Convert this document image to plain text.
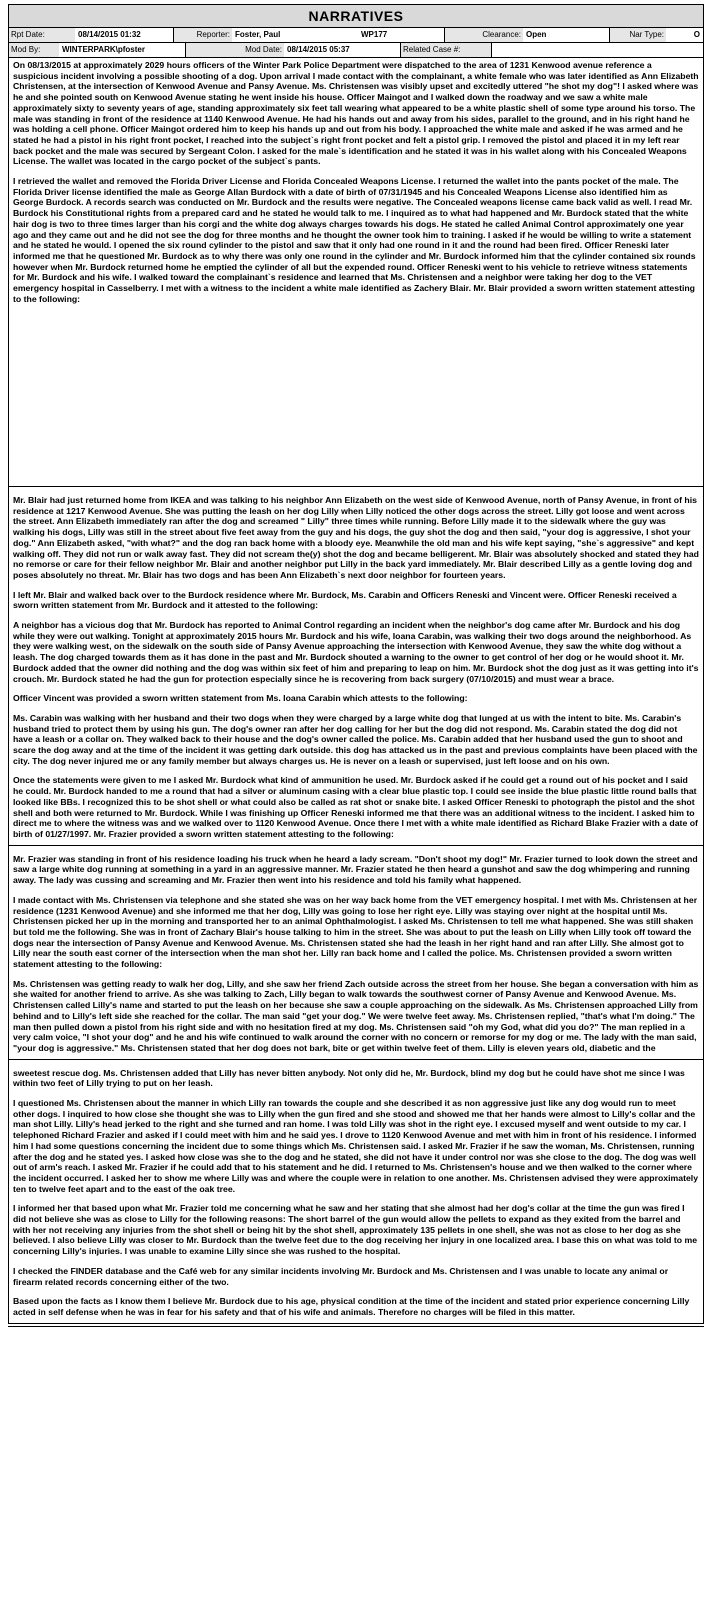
NARRATIVES
Rpt Date:	08/14/2015 01:32	Reporter: Foster, Paul	WP177	Clearance: Open	Nar Type:	O
Mod By:	WINTERPARK\pfoster	Mod Date: 08/14/2015 05:37	Related Case #:

On 08/13/2015 at approximately 2029 hours officers of the Winter Park Police Department were dispatched to the area of 1231 Kenwood avenue reference a suspicious incident involving a possible shooting of a dog. Upon arrival I made contact with the complainant, a white female who was later identified as Ann Elizabeth Christensen, at the intersection of Kenwood Avenue and Pansy Avenue. Ms. Christensen was visibly upset and excitedly uttered "he shot my dog"! I asked where was he and she pointed south on Kenwood Avenue stating he went inside his house. Officer Maingot and I walked down the roadway and we saw a white male approximately sixty to seventy years of age, standing approximately six feet tall wearing what appeared to be a white plastic shell of some type around his torso. The male was standing in front of the residence at 1140 Kenwood Avenue. He had his hands out and away from his sides, parallel to the ground, and in his right hand he was holding a cell phone. Officer Maingot ordered him to keep his hands up and out from his body. I approached the white male and asked if he was armed and he stated he had a pistol in his right front pocket, I reached into the subject`s right front pocket and felt a pistol grip. I removed the pistol and placed it in my left rear back pocket and the male was secured by Sergeant Colon. I asked for the male`s identification and he stated it was in his wallet along with his Concealed Weapons License. The wallet was located in the cargo pocket of the subject`s pants.

I retrieved the wallet and removed the Florida Driver License and Florida Concealed Weapons License. I returned the wallet into the pants pocket of the male. The Florida Driver license identified the male as George Allan Burdock with a date of birth of 07/31/1945 and his Concealed Weapons License also identified him as George Burdock. A records search was conducted on Mr. Burdock and the results were negative. The Concealed weapons license came back valid as well. I read Mr. Burdock his Constitutional rights from a prepared card and he stated he would talk to me. I inquired as to what had happened and Mr. Burdock stated that the white hair dog is two to three times larger than his corgi and the white dog always charges towards his dogs. He stated he called Animal Control approximately one year ago and they came out and he did not see the dog for three months and he thought the owner took him to training. I asked if he would be willing to write a statement and he stated he would. I opened the six round cylinder to the pistol and saw that it only had one round in it and the round had been fired. Officer Reneski later informed me that he questioned Mr. Burdock as to why there was only one round in the cylinder and Mr. Burdock informed him that the cylinder contained six rounds however when Mr. Burdock returned home he emptied the cylinder of all but the expended round. Officer Reneski went to his vehicle to retrieve witness statements for Mr. Burdock and his wife. I walked toward the complainant`s residence and learned that Ms. Christensen and a neighbor were taking her dog to the VET emergency hospital in Casselberry. I met with a witness to the incident a white male identified as Zachery Blair. Mr. Blair provided a sworn written statement attesting to the following:

Mr. Blair had just returned home from IKEA and was talking to his neighbor Ann Elizabeth on the west side of Kenwood Avenue, north of Pansy Avenue, in front of his residence at 1217 Kenwood Avenue. She was putting the leash on her dog Lilly when Lilly noticed the other dogs across the street. Lilly got loose and went across the street. Ann Elizabeth immediately ran after the dog and screamed " Lilly" three times while running. Before Lilly made it to the sidewalk where the guy was walking his dogs, Lilly was still in the street about five feet away from the guy and his dogs, the guy shot the dog and then said, "your dog is aggressive, I shot your dog." Ann Elizabeth asked, "with what?" and the dog ran back home with a bloody eye. Meanwhile the old man and his wife kept saying, "she`s aggressive" and kept walking off. They did not run or walk away fast. They did not scream the(y) shot the dog and became belligerent. Mr. Blair was absolutely shocked and stated they had no remorse or care for their fellow neighbor Mr. Blair and another neighbor put Lilly in the back yard immediately. Mr. Blair described Lilly as a gentle loving dog and poses absolutely no threat. Mr. Blair has two dogs and has been Ann Elizabeth`s next door neighbor for fourteen years.

I left Mr. Blair and walked back over to the Burdock residence where Mr. Burdock, Ms. Carabin and Officers Reneski and Vincent were. Officer Reneski received a sworn written statement from Mr. Burdock and it attested to the following:

A neighbor has a vicious dog that Mr. Burdock has reported to Animal Control regarding an incident when the neighbor's dog came after Mr. Burdock and his dog while they were out walking. Tonight at approximately 2015 hours Mr. Burdock and his wife, Ioana Carabin, was walking their two dogs around the neighborhood. As they were walking west, on the sidewalk on the south side of Pansy Avenue approaching the intersection with Kenwood Avenue, they saw the white dog without a leash. The dog charged towards them as it has done in the past and Mr. Burdock shouted a warning to the owner to get control of her dog or he would shoot it. Mr. Burdock added that the owner did nothing and the dog was within six feet of him and preparing to leap on him. Mr. Burdock shot the dog just as it was getting into it's crouch. Mr. Burdock stated he had the gun for protection especially since he is recovering from back surgery (07/10/2015) and must wear a brace.

Officer Vincent was provided a sworn written statement from Ms. Ioana Carabin which attests to the following:

Ms. Carabin was walking with her husband and their two dogs when they were charged by a large white dog that lunged at us with the intent to bite. Ms. Carabin's husband tried to protect them by using his gun. The dog's owner ran after her dog calling for her but the dog did not respond. Ms. Carabin stated the dog did not have a leash or a collar on. They walked back to their house and the dog's owner called the police. Ms. Carabin added that her husband used the gun to shoot and scare the dog away and at the time of the incident it was getting dark outside. this dog has attacked us in the past and previous complaints have been placed with the city. The dog never injured me or any family member but always charges us. He is never on a leash or supervised, just left loose and on his own.

Once the statements were given to me I asked Mr. Burdock what kind of ammunition he used. Mr. Burdock asked if he could get a round out of his pocket and I said he could. Mr. Burdock handed to me a round that had a silver or aluminum casing with a clear blue plastic top. I could see inside the blue plastic little round balls that looked like BBs. I recognized this to be shot shell or what could also be called as rat shot or snake bite. I asked Officer Reneski to photograph the pistol and the shot shell and both were returned to Mr. Burdock. While I was finishing up Officer Reneski informed me that there was an additional witness to the incident. I asked him to direct me to where the witness was and we walked over to 1120 Kenwood Avenue. Once there I met with a white male identified as Richard Blake Frazier with a date of birth of 01/27/1997. Mr. Frazier provided a sworn written statement attesting to the following:

Mr. Frazier was standing in front of his residence loading his truck when he heard a lady scream. "Don't shoot my dog!" Mr. Frazier turned to look down the street and saw a large white dog running at something in a yard in an aggressive manner. Mr. Frazier stated he then heard a gunshot and saw the dog whimpering and running away. The lady was cussing and screaming and Mr. Frazier then went into his residence and told his family what happened.

I made contact with Ms. Christensen via telephone and she stated she was on her way back home from the VET emergency hospital. I met with Ms. Christensen at her residence (1231 Kenwood Avenue) and she informed me that her dog, Lilly was going to lose her right eye. Lilly was staying over night at the hospital until Ms. Christensen picked her up in the morning and transported her to an animal Ophthalmologist. I asked Ms. Christensen to tell me what happened. She was still shaken but told me the following. She was in front of Zachary Blair's house talking to him in the street. She was about to put the leash on Lilly when Lilly took off toward the dogs near the intersection of Pansy Avenue and Kenwood Avenue. Ms. Christensen stated she had the leash in her right hand and ran after Lilly. She almost got to Lilly near the south east corner of the intersection when the man shot her. Lilly ran back home and I called the police. Ms. Christensen provided a sworn written statement attesting to the following:

Ms. Christensen was getting ready to walk her dog, Lilly, and she saw her friend Zach outside across the street from her house. She began a conversation with him as she waited for another friend to arrive. As she was talking to Zach, Lilly began to walk towards the southwest corner of Pansy Avenue and Kenwood Avenue. Ms. Christensen called Lilly's name and started to put the leash on her because she saw a couple approaching on the sidewalk. As Ms. Christensen approached Lilly from behind and to Lilly's left side she reached for the collar. The man said "get your dog." We were twelve feet away. Ms. Christensen replied, "that's what I'm doing." The man then pulled down a pistol from his right side and with no hesitation fired at my dog. Ms. Christensen said "oh my God, what did you do?" The man replied in a very calm voice, "I shot your dog" and he and his wife continued to walk around the corner with no concern or remorse for my dog or me. The lady with the man said, "your dog is aggressive." Ms. Christensen stated that her dog does not bark, bite or get within twelve feet of them. Lilly is eleven years old, diabetic and the

sweetest rescue dog. Ms. Christensen added that Lilly has never bitten anybody. Not only did he, Mr. Burdock, blind my dog but he could have shot me since I was within two feet of Lilly trying to put on her leash.

I questioned Ms. Christensen about the manner in which Lilly ran towards the couple and she described it as non aggressive just like any dog would run to meet other dogs. I inquired to how close she thought she was to Lilly when the gun fired and she stood and showed me that her hands were almost to Lilly's collar and the man shot Lilly. Lilly's head jerked to the right and she turned and ran home. I was told Lilly was shot in the right eye. I excused myself and went outside to my car. I telephoned Richard Frazier and asked if I could meet with him and he said yes. I drove to 1120 Kenwood Avenue and met with him in front of his residence. I informed him I had some questions concerning the incident due to some things which Ms. Christensen said. I asked Mr. Frazier if he saw the woman, Ms. Christensen, running after the dog and he stated yes. I asked how close was she to the dog and he stated, she did not have it under control nor was she close to the dog. The dog was well out of arm's reach. I asked Mr. Frazier if he could add that to his statement and he did. I returned to Ms. Christensen's house and we then walked to the corner where the incident occurred. I asked her to show me where Lilly was and where the couple were in relation to one another. Ms. Christensen advised they were approximately ten to twelve feet apart and to the east of the oak tree.

I informed her that based upon what Mr. Frazier told me concerning what he saw and her stating that she almost had her dog's collar at the time the gun was fired I did not believe she was as close to Lilly for the following reasons: The short barrel of the gun would allow the pellets to expand as they exited from the barrel and with her not receiving any injuries from the shot shell or being hit by the shot shell, approximately 135 pellets in one shell, she was not as close to her dog as she believed. I also believe Lilly was closer to Mr. Burdock than the twelve feet due to the dog receiving her injury in one localized area. I base this on what was told to me concerning Lilly's injuries. I was unable to examine Lilly since she was rushed to the hospital.

I checked the FINDER database and the Café web for any similar incidents involving Mr. Burdock and Ms. Christensen and I was unable to locate any animal or firearm related records concerning either of the two.

Based upon the facts as I know them I believe Mr. Burdock due to his age, physical condition at the time of the incident and stated prior experience concerning Lilly acted in self defense when he was in fear for his safety and that of his wife and animals. Therefore no charges will be filed in this matter.
